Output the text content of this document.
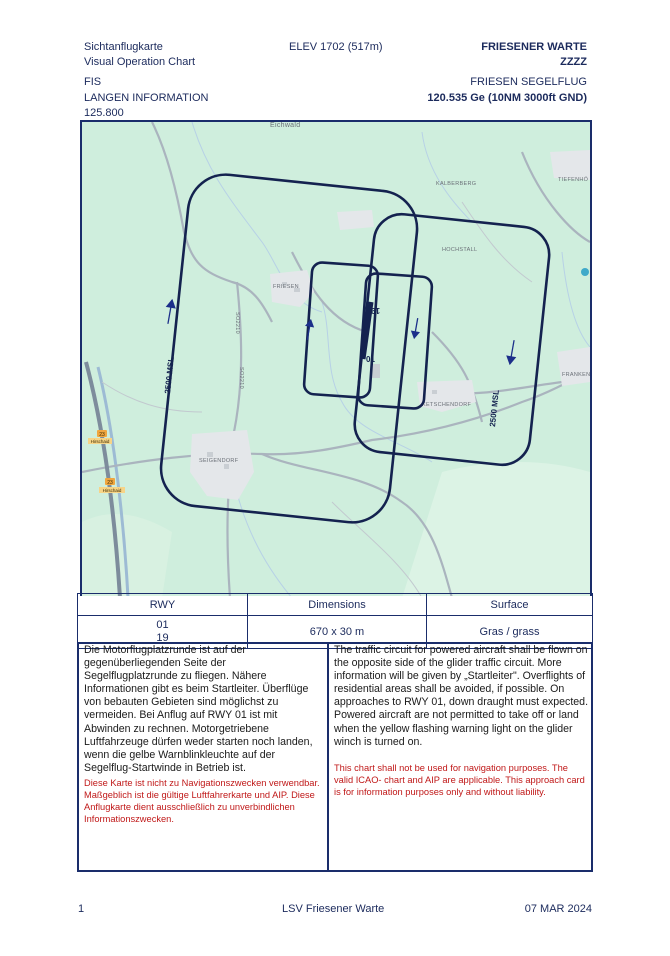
Sichtanflugkarte
Visual Operation Chart
ELEV 1702 (517m)	FRIESENER WARTE
ZZZZ
FIS
LANGEN INFORMATION
125.800
FRIESEN SEGELFLUG
120.535 Ge (10NM 3000ft GND)
Eichwald
KALBERBERG
TIEFENHÖ
HOCHSTALL
FRIESEN
FRANKEN
KETSCHENDORF
SEIGENDORF
SO2210
SO2210
23
Hirschaid
23
Hirschaid
19
01
2500 MSL
2500 MSL
RWY	Dimensions	Surface

01
19	670 x 30 m	Gras / grass
Die Motorflugplatzrunde ist auf der gegenüberliegenden Seite der Segelflugplatzrunde zu fliegen. Nähere Informationen gibt es beim Startleiter. Überflüge von bebauten Gebieten sind möglichst zu vermeiden. Bei Anflug auf RWY 01 ist mit Abwinden zu rechnen. Motorgetriebene Luftfahrzeuge dürfen weder starten noch landen, wenn die gelbe Warnblinkleuchte auf der Segelflug-Startwinde in Betrieb ist.
Diese Karte ist nicht zu Navigationszwecken verwendbar. Maßgeblich ist die gültige Luftfahrerkarte und AIP. Diese Anflugkarte dient ausschließlich zu unverbindlichen Informationszwecken.
The traffic circuit for powered aircraft shall be flown on the opposite side of the glider traffic circuit. More information will be given by „Startleiter". Overflights of residential areas shall be avoided, if possible. On approaches to RWY 01, down draught must expected. Powered aircraft are not permitted to take off or land when the yellow flashing warning light on the glider winch is turned on.
This chart shall not be used for navigation purposes. The valid ICAO- chart and AIP are applicable. This approach card is for information purposes only and without liability.
1	LSV Friesener Warte	07 MAR 2024
